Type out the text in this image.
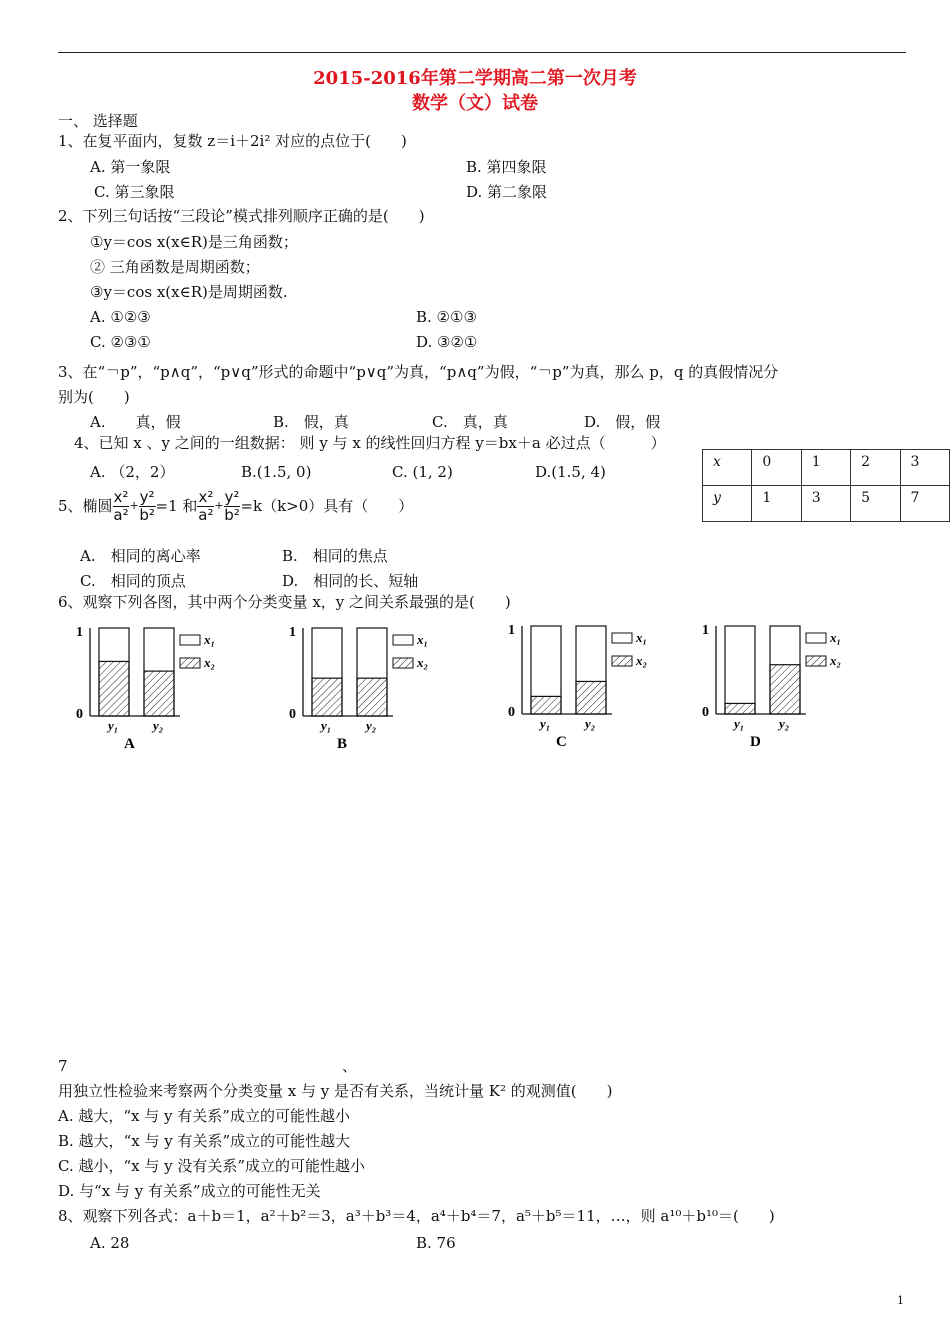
2015-2016年第二学期高二第一次月考
数学（文）试卷
一、 选择题
1、在复平面内，复数 z＝i＋2i² 对应的点位于(　　)
A. 第一象限	B. 第四象限
C. 第三象限	D. 第二象限
2、下列三句话按“三段论”模式排列顺序正确的是(　　)
①y＝cos x(x∈R)是三角函数；
② 三角函数是周期函数；
③y＝cos x(x∈R)是周期函数.
A. ①②③	B. ②①③
C. ②③①	D. ③②①
3、在“￢p”，“p∧q”，“p∨q”形式的命题中“p∨q”为真，“p∧q”为假，“￢p”为真，那么 p，q 的真假情况分
别为(　　)
A.　　真，假	B.　假，真	C.　真，真	D.　假，假
4、已知 x 、y 之间的一组数据： 则 y 与 x 的线性回归方程 y＝bx＋a 必过点（　　　）
A. （2，2）	B.(1.5, 0)	C. (1, 2)	D.(1.5, 4)
x	0	1	2	3
y	1	3	5	7
5、椭圆 $\frac{\text{x²}}{\text{a²}} + \frac{\text{y²}}{\text{b²}} =1$ 和 $\frac{\text{x²}}{\text{a²}} + \frac{\text{y²}}{\text{b²}} =k(k>0)$具有（　　）
A.　相同的离心率	B.　相同的焦点
C.　相同的顶点	D.　相同的长、短轴
6、观察下列各图，其中两个分类变量 x，y 之间关系最强的是(　　)
1
0
y₁	y₂
x₁
x₂
A
1
0
y₁	y₂
x₁
x₂
B
1
0
y₁	y₂
x₁
x₂
C
1
0
y₁	y₂
x₁
x₂
D
7	、
用独立性检验来考察两个分类变量 x 与 y 是否有关系，当统计量 K² 的观测值(　　)
A. 越大，“x 与 y 有关系”成立的可能性越小
B. 越大，“x 与 y 有关系”成立的可能性越大
C. 越小，“x 与 y 没有关系”成立的可能性越小
D. 与“x 与 y 有关系”成立的可能性无关
8、观察下列各式：a＋b＝1，a²＋b²＝3，a³＋b³＝4，a⁴＋b⁴＝7，a⁵＋b⁵＝11，…，则 a¹⁰＋b¹⁰＝(　　)
A. 28	B. 76
1
